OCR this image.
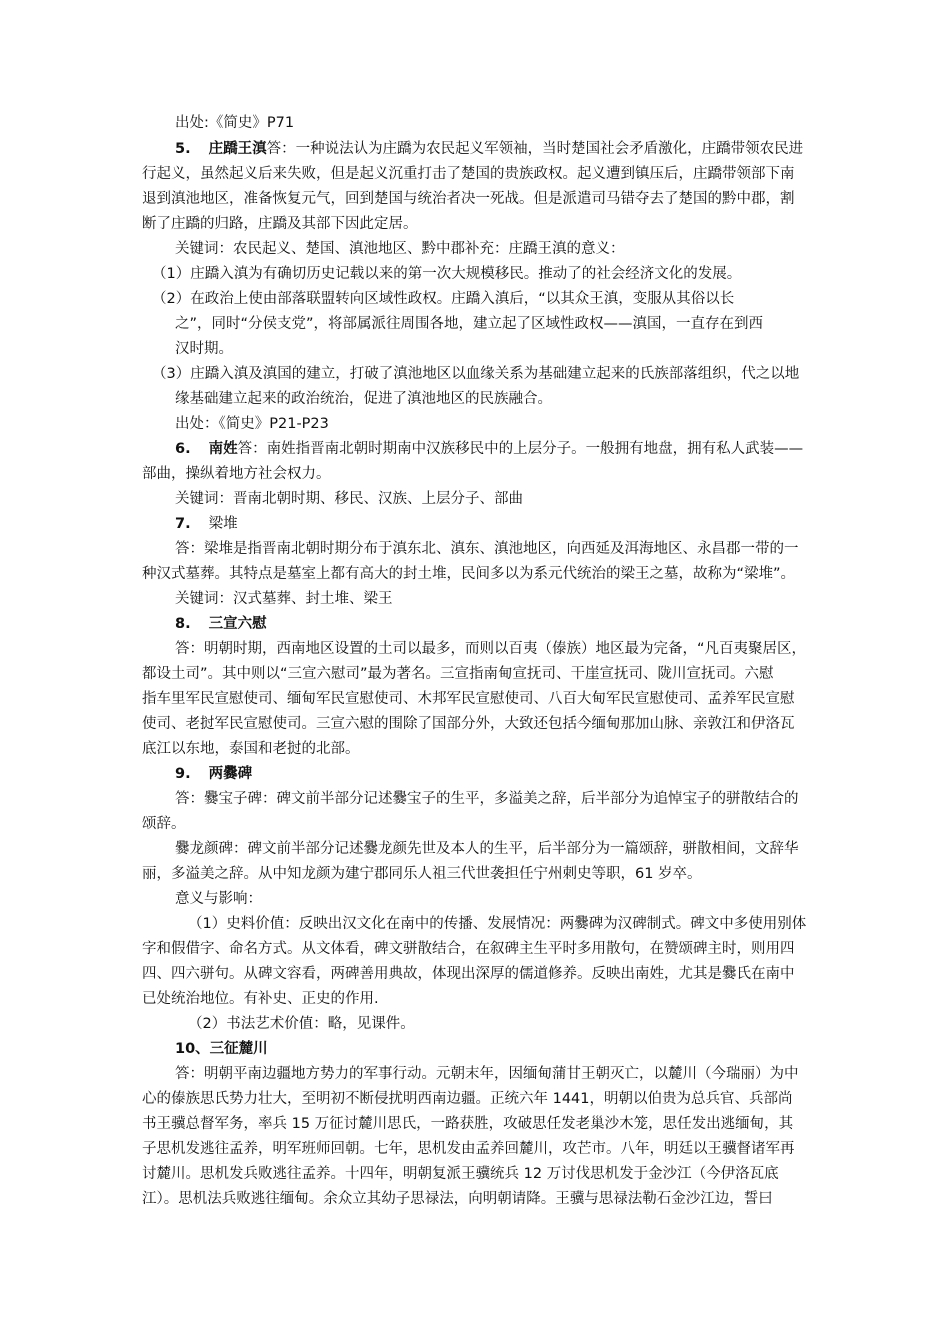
出处:《简史》P71
5. 庄蹻王滇答：一种说法认为庄蹻为农民起义军领袖，当时楚国社会矛盾激化，庄蹻带领农民进
行起义，虽然起义后来失败，但是起义沉重打击了楚国的贵族政权。起义遭到镇压后，庄蹻带领部下南
退到滇池地区，准备恢复元气，回到楚国与统治者决一死战。但是派遣司马错夺去了楚国的黔中郡，割
断了庄蹻的归路，庄蹻及其部下因此定居。
关键词：农民起义、楚国、滇池地区、黔中郡补充：庄蹻王滇的意义：
（1）庄蹻入滇为有确切历史记载以来的第一次大规模移民。推动了的社会经济文化的发展。
（2）在政治上使由部落联盟转向区域性政权。庄蹻入滇后，“以其众王滇，变服从其俗以长
之”，同时“分侯支党”，将部属派往周围各地，建立起了区域性政权——滇国，一直存在到西
汉时期。
（3）庄蹻入滇及滇国的建立，打破了滇池地区以血缘关系为基础建立起来的氏族部落组织，代之以地
缘基础建立起来的政治统治，促进了滇池地区的民族融合。
出处：《简史》P21-P23
6. 南姓答：南姓指晋南北朝时期南中汉族移民中的上层分子。一般拥有地盘，拥有私人武装——
部曲，操纵着地方社会权力。
关键词：晋南北朝时期、移民、汉族、上层分子、部曲
7. 梁堆
答：梁堆是指晋南北朝时期分布于滇东北、滇东、滇池地区，向西延及洱海地区、永昌郡一带的一
种汉式墓葬。其特点是墓室上都有高大的封土堆，民间多以为系元代统治的梁王之墓，故称为“梁堆”。
关键词：汉式墓葬、封土堆、梁王
8. 三宣六慰
答：明朝时期，西南地区设置的土司以最多，而则以百夷（傣族）地区最为完备，“凡百夷聚居区，
都设土司”。其中则以“三宣六慰司”最为著名。三宣指南甸宣抚司、干崖宣抚司、陇川宣抚司。六慰
指车里军民宣慰使司、缅甸军民宣慰使司、木邦军民宣慰使司、八百大甸军民宣慰使司、孟养军民宣慰
使司、老挝军民宣慰使司。三宣六慰的围除了国部分外，大致还包括今缅甸那加山脉、亲敦江和伊洛瓦
底江以东地，泰国和老挝的北部。
9. 两爨碑
答：爨宝子碑：碑文前半部分记述爨宝子的生平，多溢美之辞，后半部分为追悼宝子的骈散结合的
颂辞。
爨龙颜碑：碑文前半部分记述爨龙颜先世及本人的生平，后半部分为一篇颂辞，骈散相间，文辞华
丽，多溢美之辞。从中知龙颜为建宁郡同乐人祖三代世袭担任宁州刺史等职，61 岁卒。
意义与影响：
（1）史料价值：反映出汉文化在南中的传播、发展情况：两爨碑为汉碑制式。碑文中多使用别体
字和假借字、命名方式。从文体看，碑文骈散结合，在叙碑主生平时多用散句，在赞颂碑主时，则用四
四、四六骈句。从碑文容看，两碑善用典故，体现出深厚的儒道修养。反映出南姓，尤其是爨氏在南中
已处统治地位。有补史、正史的作用.
（2）书法艺术价值：略，见课件。
10、三征麓川
答：明朝平南边疆地方势力的军事行动。元朝末年，因缅甸蒲甘王朝灭亡，以麓川（今瑞丽）为中
心的傣族思氏势力壮大，至明初不断侵扰明西南边疆。正统六年 1441，明朝以伯贵为总兵官、兵部尚
书王骥总督军务，率兵 15 万征讨麓川思氏，一路获胜，攻破思任发老巢沙木笼，思任发出逃缅甸，其
子思机发逃往孟养，明军班师回朝。七年，思机发由孟养回麓川，攻芒市。八年，明廷以王骥督诸军再
讨麓川。思机发兵败逃往孟养。十四年，明朝复派王骥统兵 12 万讨伐思机发于金沙江（今伊洛瓦底
江）。思机法兵败逃往缅甸。余众立其幼子思禄法，向明朝请降。王骥与思禄法勒石金沙江边，誓曰
